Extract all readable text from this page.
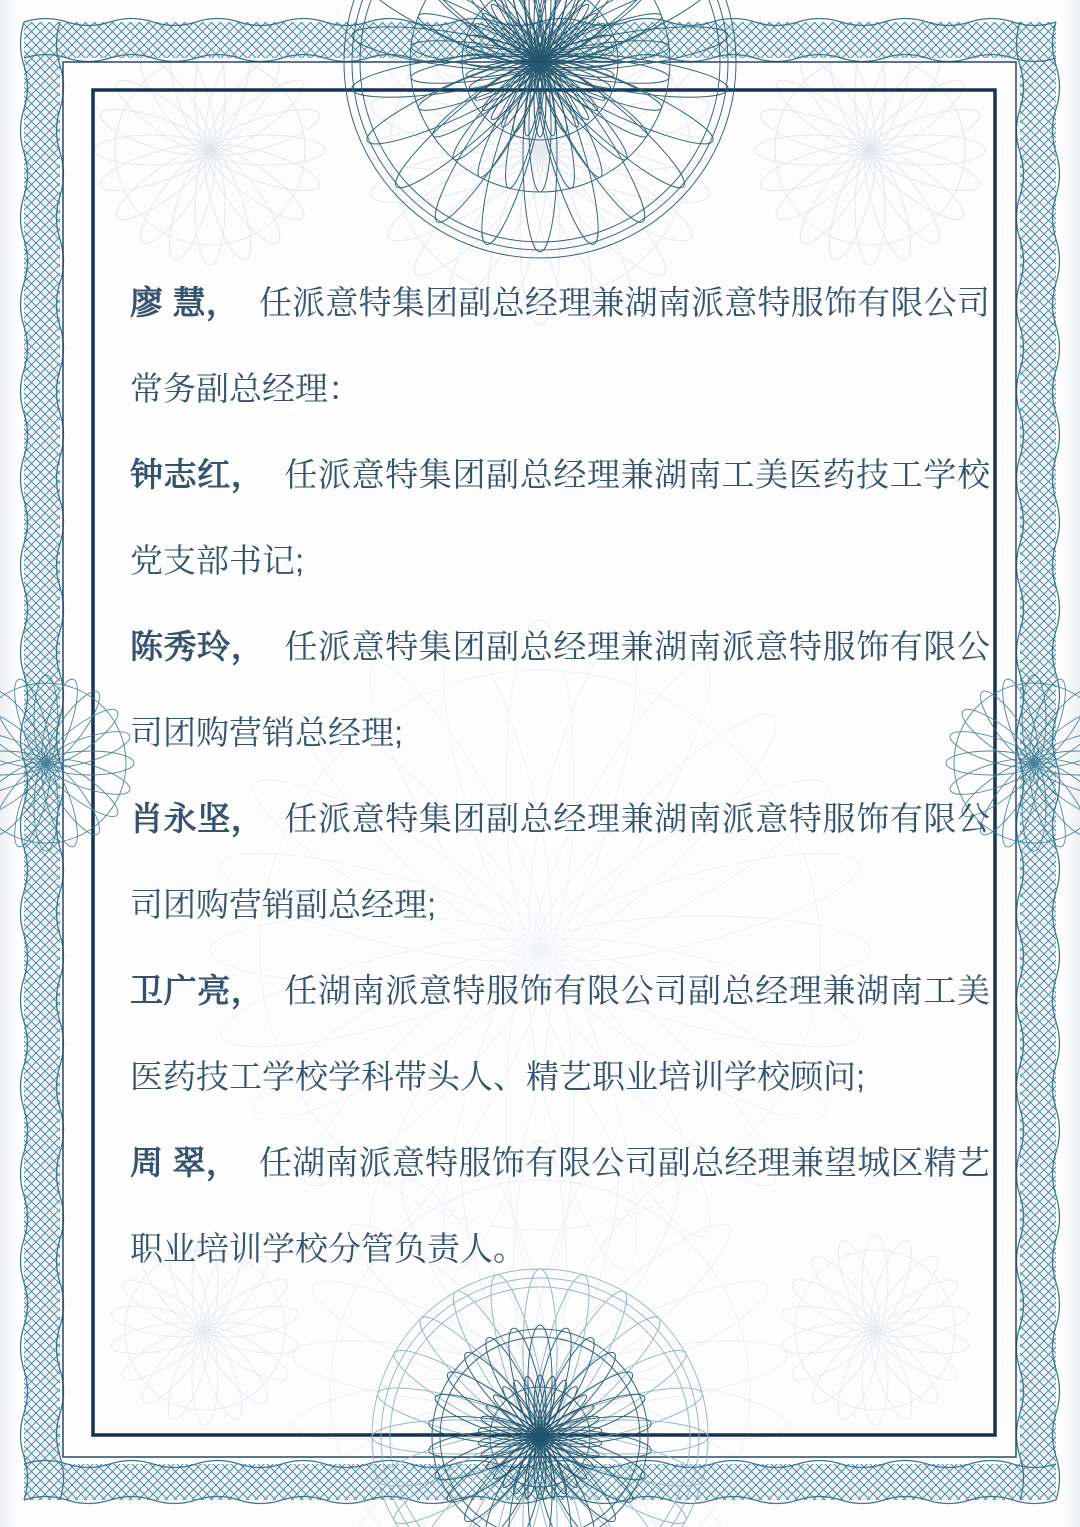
廖 慧， 任派意特集团副总经理兼湖南派意特服饰有限公司常务副总经理：

钟志红， 任派意特集团副总经理兼湖南工美医药技工学校党支部书记;

陈秀玲， 任派意特集团副总经理兼湖南派意特服饰有限公司团购营销总经理;

肖永坚， 任派意特集团副总经理兼湖南派意特服饰有限公司团购营销副总经理;

卫广亮， 任湖南派意特服饰有限公司副总经理兼湖南工美医药技工学校学科带头人、精艺职业培训学校顾问;

周 翠， 任湖南派意特服饰有限公司副总经理兼望城区精艺职业培训学校分管负责人。
